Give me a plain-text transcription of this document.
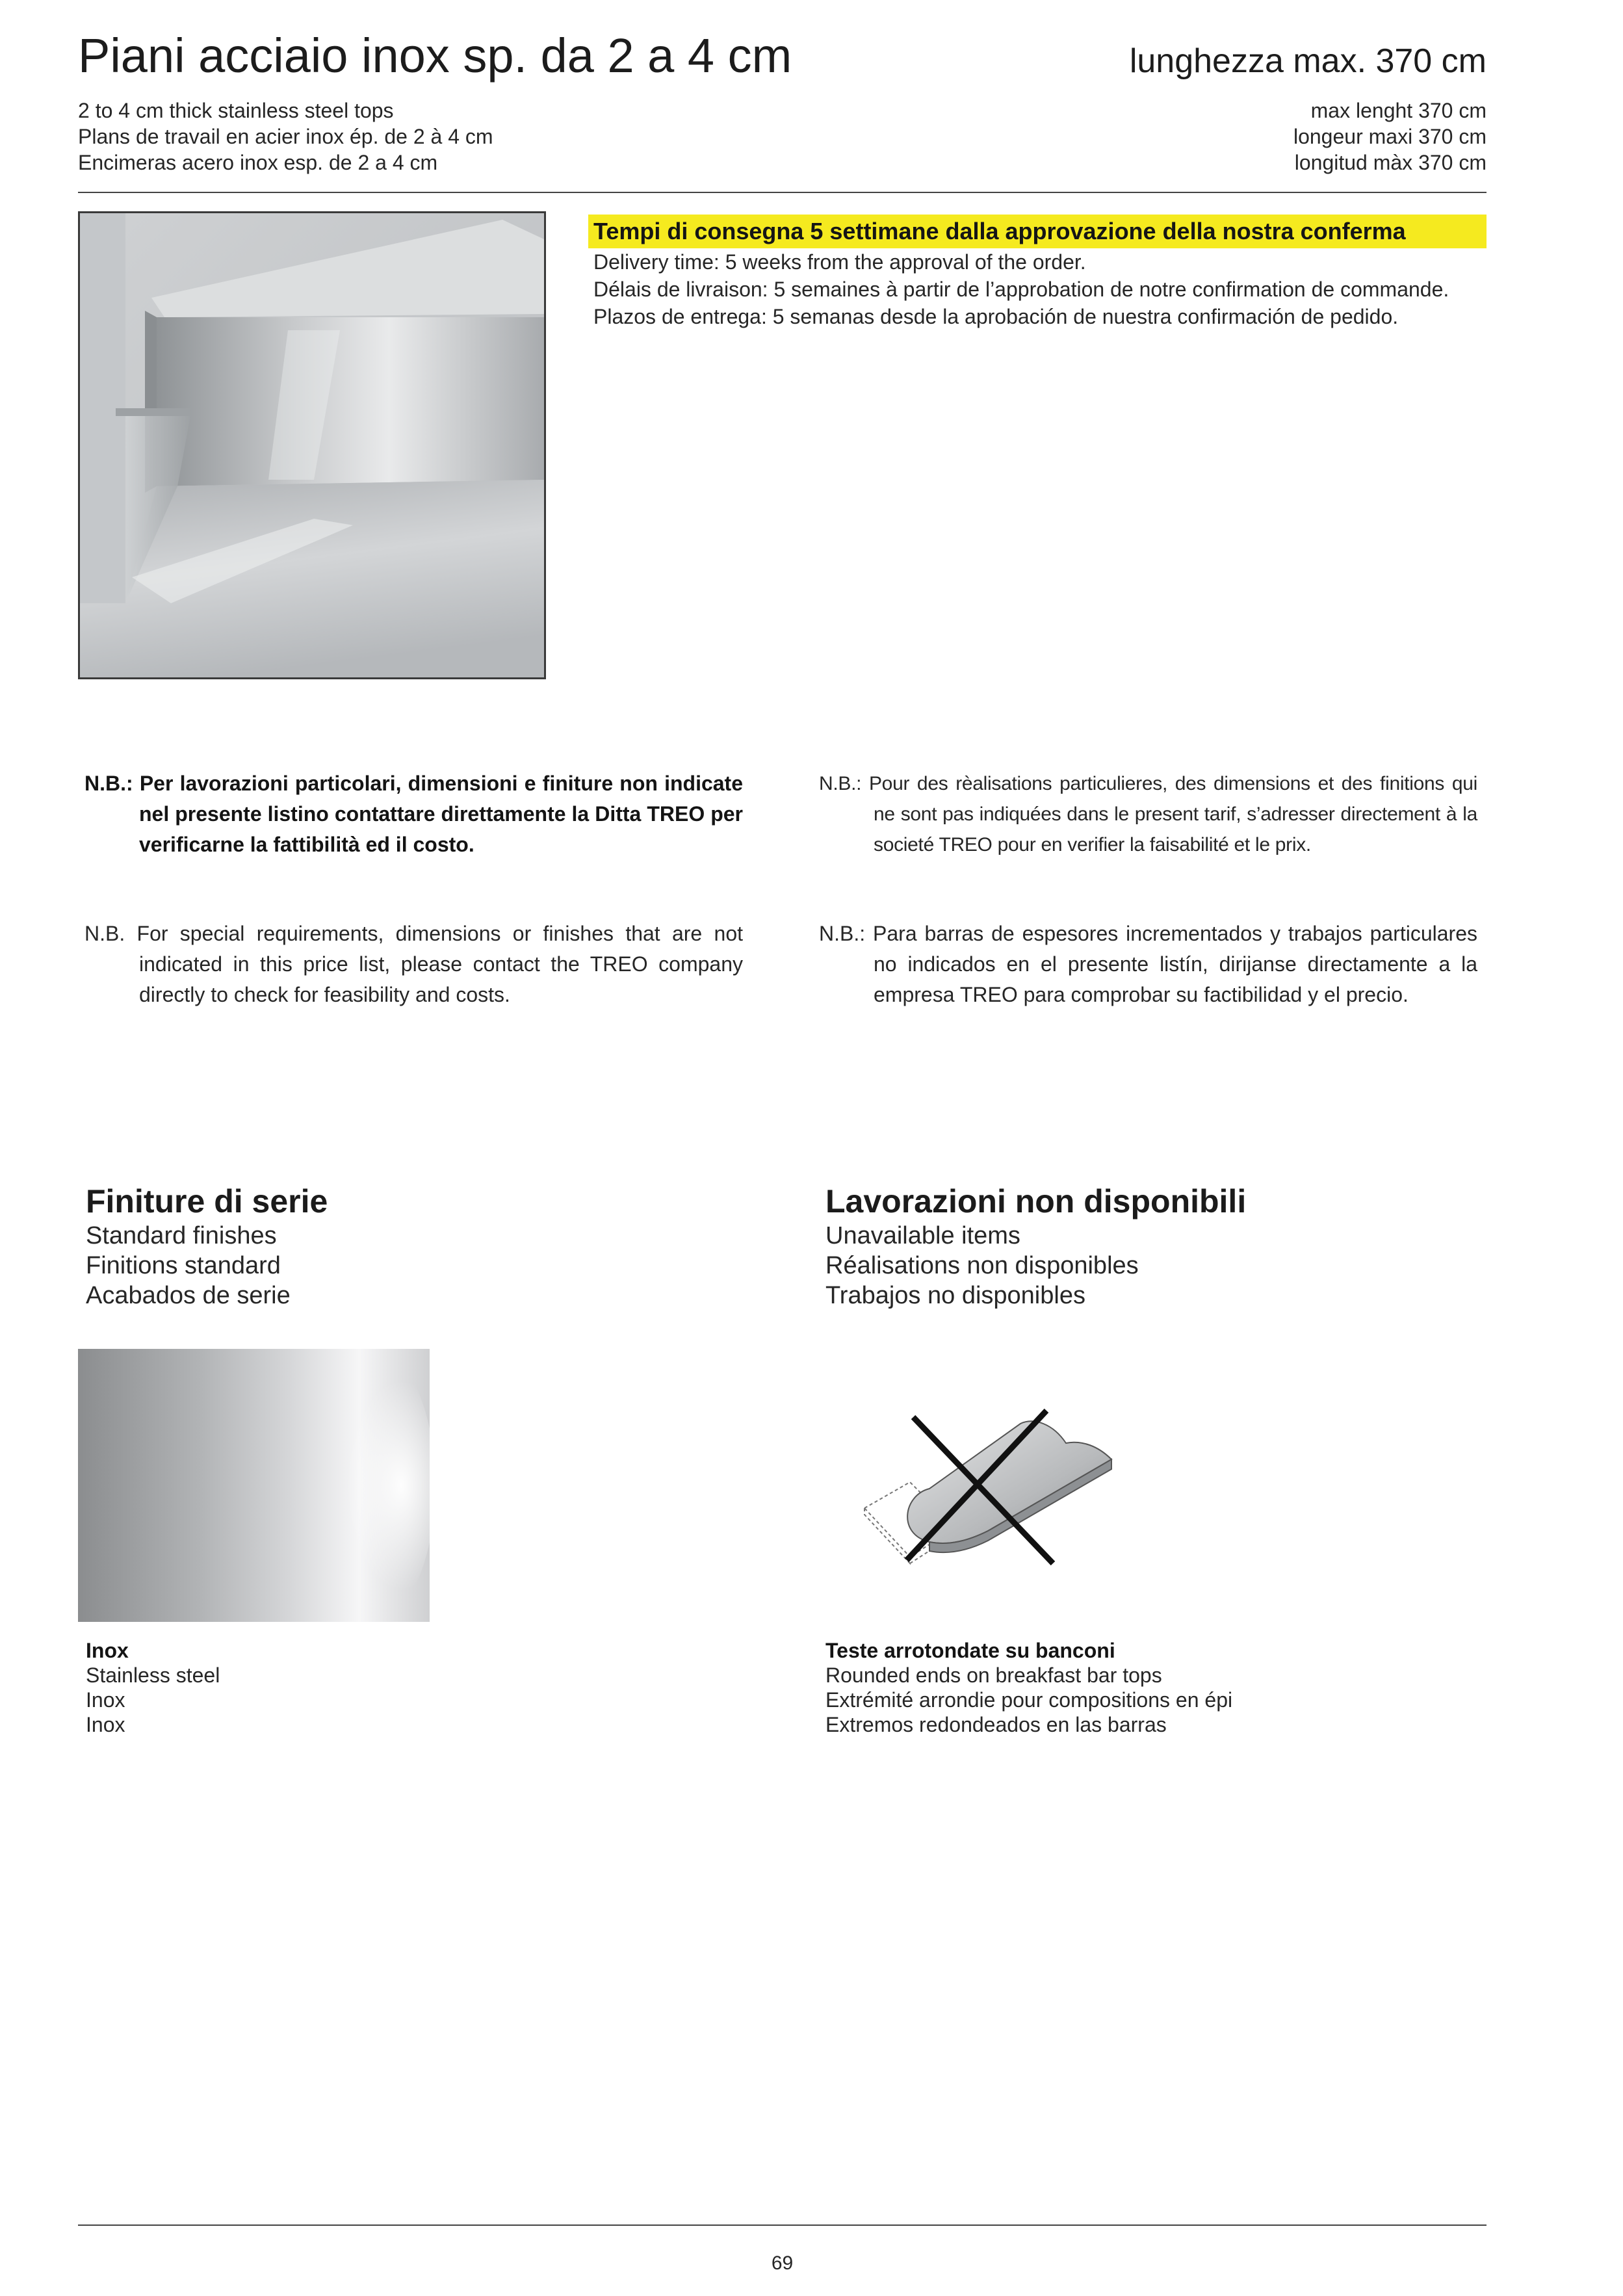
Piani acciaio inox sp. da 2 a 4 cm	lunghezza max. 370 cm
2 to 4 cm thick stainless steel tops
Plans de travail en acier inox ép. de 2 à 4 cm
Encimeras acero inox esp. de 2 a 4 cm
max lenght 370 cm
longeur maxi 370 cm
longitud màx 370 cm
Tempi di consegna 5 settimane dalla approvazione della nostra conferma
Delivery time: 5 weeks from the approval of the order.
Délais de livraison: 5 semaines à partir de l’approbation de notre confirmation de commande.
Plazos de entrega: 5 semanas desde la aprobación de nuestra confirmación de pedido.

N.B.: Per lavorazioni particolari, dimensioni e finiture non indicate nel presente listino contattare direttamente la Ditta TREO per verificarne la fattibilità ed il costo.

N.B.: Pour des rèalisations particulieres, des dimensions et des finitions qui ne sont pas indiquées dans le present tarif, s’adresser directement à la societé TREO pour en verifier la faisabilité et le prix.

N.B. For special requirements, dimensions or finishes that are not indicated in this price list, please contact the TREO company directly to check for feasibility and costs.

N.B.: Para barras de espesores incrementados y trabajos particulares no indicados en el presente listín, dirĳanse directamente a la empresa TREO para comprobar su factibilidad y el precio.

Finiture di serie
Standard finishes
Finitions standard
Acabados de serie
Inox
Stainless steel
Inox
Inox
Lavorazioni non disponibili
Unavailable items
Réalisations non disponibles
Trabajos no disponibles
Teste arrotondate su banconi
Rounded ends on breakfast bar tops
Extrémité arrondie pour compositions en épi
Extremos redondeados en las barras
69
